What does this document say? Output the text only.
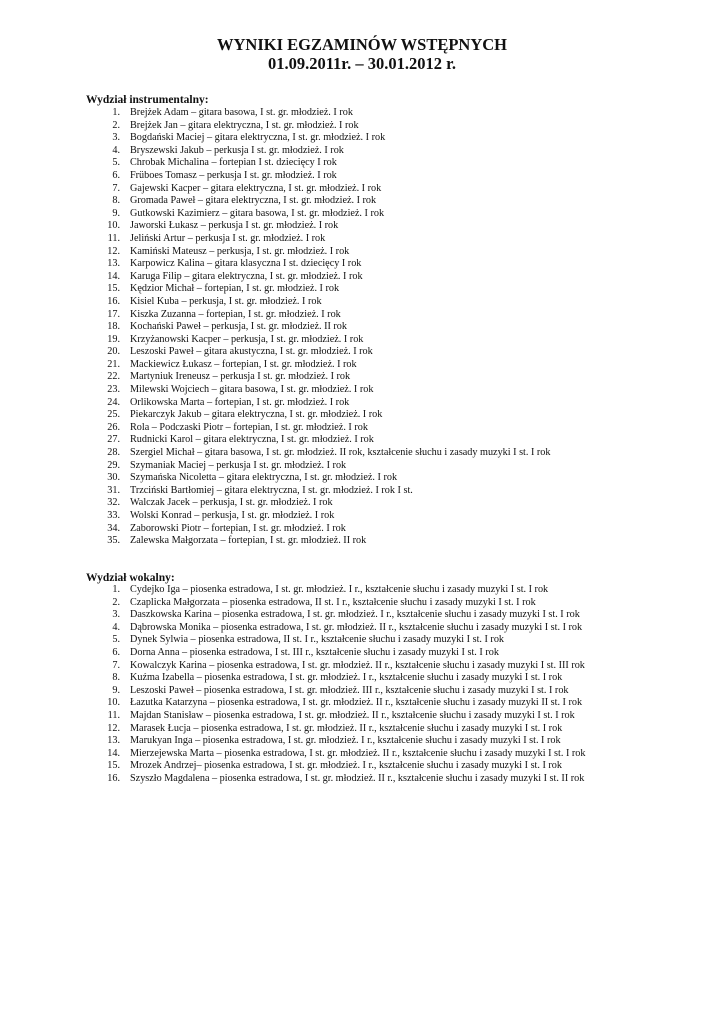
WYNIKI EGZAMINÓW WSTĘPNYCH
01.09.2011r. – 30.01.2012 r.
Wydział instrumentalny:
1. Brejżek Adam – gitara basowa, I st. gr. młodzież. I rok
2. Brejżek Jan – gitara elektryczna, I st. gr. młodzież. I rok
3. Bogdański Maciej – gitara elektryczna, I st. gr. młodzież. I rok
4. Bryszewski Jakub – perkusja I st. gr. młodzież. I rok
5. Chrobak Michalina – fortepian I st. dziecięcy I rok
6. Früboes Tomasz – perkusja I st. gr. młodzież. I rok
7. Gajewski Kacper – gitara elektryczna, I st. gr. młodzież. I rok
8. Gromada Paweł – gitara elektryczna, I st. gr. młodzież. I rok
9. Gutkowski Kazimierz – gitara basowa, I st. gr. młodzież. I rok
10. Jaworski Łukasz – perkusja I st. gr. młodzież. I rok
11. Jeliński Artur – perkusja I st. gr. młodzież. I rok
12. Kamiński Mateusz – perkusja, I st. gr. młodzież. I rok
13. Karpowicz Kalina – gitara klasyczna I st. dziecięcy I rok
14. Karuga Filip – gitara elektryczna, I st. gr. młodzież. I rok
15. Kędzior Michał – fortepian, I st. gr. młodzież. I rok
16. Kisiel Kuba – perkusja, I st. gr. młodzież. I rok
17. Kiszka Zuzanna – fortepian, I st. gr. młodzież. I rok
18. Kochański Paweł – perkusja, I st. gr. młodzież. II rok
19. Krzyżanowski Kacper – perkusja, I st. gr. młodzież. I rok
20. Leszoski Paweł – gitara akustyczna, I st. gr. młodzież. I rok
21. Mackiewicz Łukasz – fortepian, I st. gr. młodzież. I rok
22. Martyniuk Ireneusz – perkusja I st. gr. młodzież. I rok
23. Milewski Wojciech – gitara basowa, I st. gr. młodzież. I rok
24. Orlikowska Marta – fortepian, I st. gr. młodzież. I rok
25. Piekarczyk Jakub – gitara elektryczna, I st. gr. młodzież. I rok
26. Rola – Podczaski Piotr – fortepian, I st. gr. młodzież. I rok
27. Rudnicki Karol – gitara elektryczna, I st. gr. młodzież. I rok
28. Szergiel Michał – gitara basowa, I st. gr. młodzież. II rok, kształcenie słuchu i zasady muzyki I st. I rok
29. Szymaniak Maciej – perkusja I st. gr. młodzież. I rok
30. Szymańska Nicoletta – gitara elektryczna, I st. gr. młodzież. I rok
31. Trzciński Bartłomiej – gitara elektryczna, I st. gr. młodzież. I rok I st.
32. Walczak Jacek – perkusja, I st. gr. młodzież. I rok
33. Wolski Konrad – perkusja, I st. gr. młodzież. I rok
34. Zaborowski Piotr – fortepian, I st. gr. młodzież. I rok
35. Zalewska Małgorzata – fortepian, I st. gr. młodzież. II rok
Wydział wokalny:
1. Cydejko Iga – piosenka estradowa, I st. gr. młodzież. I r., kształcenie słuchu i zasady muzyki I st. I rok
2. Czaplicka Małgorzata – piosenka estradowa, II st. I r., kształcenie słuchu i zasady muzyki I st. I rok
3. Daszkowska Karina – piosenka estradowa, I st. gr. młodzież. I r., kształcenie słuchu i zasady muzyki I st. I rok
4. Dąbrowska Monika – piosenka estradowa, I st. gr. młodzież. II r., kształcenie słuchu i zasady muzyki I st. I rok
5. Dynek Sylwia – piosenka estradowa, II st. I r., kształcenie słuchu i zasady muzyki I st. I rok
6. Dorna Anna – piosenka estradowa, I st. III r., kształcenie słuchu i zasady muzyki I st. I rok
7. Kowalczyk Karina – piosenka estradowa, I st. gr. młodzież. II r., kształcenie słuchu i zasady muzyki I st. III rok
8. Kuźma Izabella – piosenka estradowa, I st. gr. młodzież. I r., kształcenie słuchu i zasady muzyki I st. I rok
9. Leszoski Paweł – piosenka estradowa, I st. gr. młodzież. III r., kształcenie słuchu i zasady muzyki I st. I rok
10. Łazutka Katarzyna – piosenka estradowa, I st. gr. młodzież. II r., kształcenie słuchu i zasady muzyki II st. I rok
11. Majdan Stanisław – piosenka estradowa, I st. gr. młodzież. II r., kształcenie słuchu i zasady muzyki I st. I rok
12. Marasek Łucja – piosenka estradowa, I st. gr. młodzież. II r., kształcenie słuchu i zasady muzyki I st. I rok
13. Marukyan Inga – piosenka estradowa, I st. gr. młodzież. I r., kształcenie słuchu i zasady muzyki I st. I rok
14. Mierzejewska Marta – piosenka estradowa, I st. gr. młodzież. II r., kształcenie słuchu i zasady muzyki I st. I rok
15. Mrozek Andrzej– piosenka estradowa, I st. gr. młodzież. I r., kształcenie słuchu i zasady muzyki I st. I rok
16. Szyszło Magdalena – piosenka estradowa, I st. gr. młodzież. II r., kształcenie słuchu i zasady muzyki I st. II rok
